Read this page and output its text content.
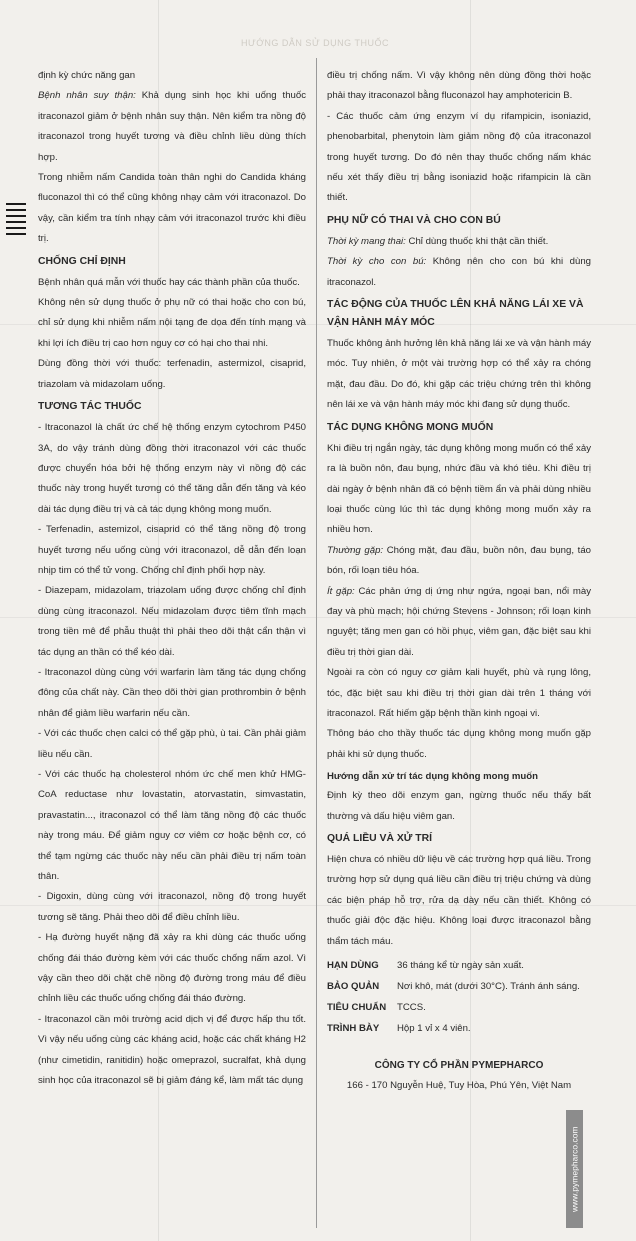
HƯỚNG DẪN SỬ DỤNG THUỐC

định kỳ chức năng gan

Bệnh nhân suy thận: Khả dụng sinh học khi uống thuốc itraconazol giảm ở bệnh nhân suy thận. Nên kiểm tra nồng độ itraconazol trong huyết tương và điều chỉnh liều dùng thích hợp.

Trong nhiễm nấm Candida toàn thân nghi do Candida kháng fluconazol thì có thể cũng không nhạy cảm với itraconazol. Do vậy, cần kiểm tra tính nhạy cảm với itraconazol trước khi điều trị.

CHỐNG CHỈ ĐỊNH

Bệnh nhân quá mẫn với thuốc hay các thành phần của thuốc.

Không nên sử dụng thuốc ở phụ nữ có thai hoặc cho con bú, chỉ sử dụng khi nhiễm nấm nội tạng đe dọa đến tính mạng và khi lợi ích điều trị cao hơn nguy cơ có hại cho thai nhi.

Dùng đồng thời với thuốc: terfenadin, astermizol, cisaprid, triazolam và midazolam uống.

TƯƠNG TÁC THUỐC

- Itraconazol là chất ức chế hệ thống enzym cytochrom P450 3A, do vậy tránh dùng đồng thời itraconazol với các thuốc được chuyển hóa bởi hệ thống enzym này vì nồng độ các thuốc này trong huyết tương có thể tăng dẫn đến tăng và kéo dài tác dụng điều trị và cả tác dụng không mong muốn.

- Terfenadin, astemizol, cisaprid có thể tăng nồng độ trong huyết tương nếu uống cùng với itraconazol, dễ dẫn đến loạn nhịp tim có thể tử vong. Chống chỉ định phối hợp này.

- Diazepam, midazolam, triazolam uống được chống chỉ định dùng cùng itraconazol. Nếu midazolam được tiêm tĩnh mạch trong tiền mê để phẫu thuật thì phải theo dõi thật cẩn thận vì tác dụng an thần có thể kéo dài.

- Itraconazol dùng cùng với warfarin làm tăng tác dụng chống đông của chất này. Cần theo dõi thời gian prothrombin ở bệnh nhân để giảm liều warfarin nếu cần.

- Với các thuốc chẹn calci có thể gặp phù, ù tai. Cần phải giảm liều nếu cần.

- Với các thuốc hạ cholesterol nhóm ức chế men khử HMG-CoA reductase như lovastatin, atorvastatin, simvastatin, pravastatin..., itraconazol có thể làm tăng nồng độ các thuốc này trong máu. Để giảm nguy cơ viêm cơ hoặc bệnh cơ, có thể tạm ngừng các thuốc này nếu cần phải điều trị nấm toàn thân.

- Digoxin, dùng cùng với itraconazol, nồng độ trong huyết tương sẽ tăng. Phải theo dõi để điều chỉnh liều.

- Hạ đường huyết nặng đã xảy ra khi dùng các thuốc uống chống đái tháo đường kèm với các thuốc chống nấm azol. Vì vậy cần theo dõi chặt chẽ nồng độ đường trong máu để điều chỉnh liều các thuốc uống chống đái tháo đường.

- Itraconazol cần môi trường acid dịch vị để được hấp thu tốt. Vì vậy nếu uống cùng các kháng acid, hoặc các chất kháng H2 (như cimetidin, ranitidin) hoặc omeprazol, sucralfat, khả dụng sinh học của itraconazol sẽ bị giảm đáng kể, làm mất tác dụng

điều trị chống nấm. Vì vậy không nên dùng đồng thời hoặc phải thay itraconazol bằng fluconazol hay amphotericin B.

- Các thuốc cảm ứng enzym ví dụ rifampicin, isoniazid, phenobarbital, phenytoin làm giảm nồng độ của itraconazol trong huyết tương. Do đó nên thay thuốc chống nấm khác nếu xét thấy điều trị bằng isoniazid hoặc rifampicin là cần thiết.

PHỤ NỮ CÓ THAI VÀ CHO CON BÚ

Thời kỳ mang thai: Chỉ dùng thuốc khi thật cần thiết.

Thời kỳ cho con bú: Không nên cho con bú khi dùng itraconazol.

TÁC ĐỘNG CỦA THUỐC LÊN KHẢ NĂNG LÁI XE VÀ VẬN HÀNH MÁY MÓC

Thuốc không ảnh hưởng lên khả năng lái xe và vận hành máy móc. Tuy nhiên, ở một vài trường hợp có thể xảy ra chóng mặt, đau đầu. Do đó, khi gặp các triệu chứng trên thì không nên lái xe và vận hành máy móc khi đang sử dụng thuốc.

TÁC DỤNG KHÔNG MONG MUỐN

Khi điều trị ngắn ngày, tác dụng không mong muốn có thể xảy ra là buồn nôn, đau bụng, nhức đầu và khó tiêu. Khi điều trị dài ngày ở bệnh nhân đã có bệnh tiềm ẩn và phải dùng nhiều loại thuốc cùng lúc thì tác dụng không mong muốn xảy ra nhiều hơn.

Thường gặp: Chóng mặt, đau đầu, buồn nôn, đau bụng, táo bón, rối loạn tiêu hóa.

Ít gặp: Các phản ứng dị ứng như ngứa, ngoại ban, nổi mày đay và phù mạch; hội chứng Stevens - Johnson; rối loạn kinh nguyệt; tăng men gan có hồi phục, viêm gan, đặc biệt sau khi điều trị thời gian dài.

Ngoài ra còn có nguy cơ giảm kali huyết, phù và rụng lông, tóc, đặc biệt sau khi điều trị thời gian dài trên 1 tháng với itraconazol. Rất hiếm gặp bệnh thần kinh ngoại vi.

Thông báo cho thầy thuốc tác dụng không mong muốn gặp phải khi sử dụng thuốc.

Hướng dẫn xử trí tác dụng không mong muốn

Định kỳ theo dõi enzym gan, ngừng thuốc nếu thấy bất thường và dấu hiệu viêm gan.

QUÁ LIỀU VÀ XỬ TRÍ

Hiện chưa có nhiều dữ liệu về các trường hợp quá liều. Trong trường hợp sử dụng quá liều cần điều trị triệu chứng và dùng các biện pháp hỗ trợ, rửa dạ dày nếu cần thiết. Không có thuốc giải độc đặc hiệu. Không loại được itraconazol bằng thẩm tách máu.

HẠN DÙNG	36 tháng kể từ ngày sản xuất.
BẢO QUẢN	Nơi khô, mát (dưới 30°C). Tránh ánh sáng.
TIÊU CHUẨN	TCCS.
TRÌNH BÀY	Hộp 1 vỉ x 4 viên.
CÔNG TY CỔ PHẦN PYMEPHARCO
166 - 170 Nguyễn Huệ, Tuy Hòa, Phú Yên, Việt Nam
www.pymepharco.com
